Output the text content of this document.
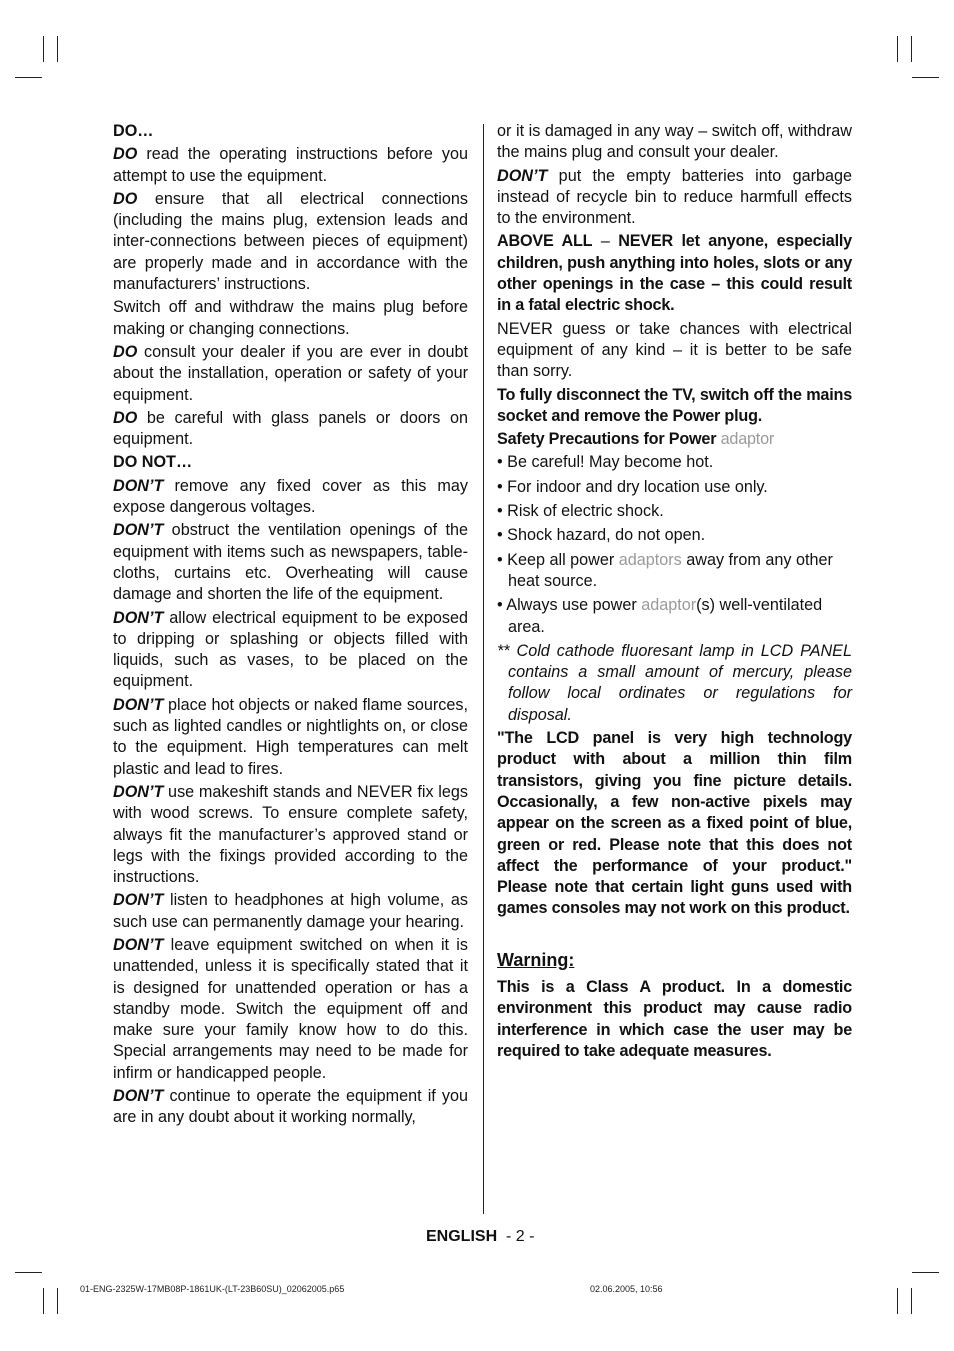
DO…

DO read the operating instructions before you attempt to use the equipment.

DO ensure that all electrical connections (including the mains plug, extension leads and inter-connections between pieces of equipment) are properly made and in accordance with the manufacturers’ instructions.

Switch off and withdraw the mains plug before making or changing connections.

DO consult your dealer if you are ever in doubt about the installation, operation or safety of your equipment.

DO be careful with glass panels or doors on equipment.

DO NOT…

DON’T remove any fixed cover as this may expose dangerous voltages.

DON’T obstruct the ventilation openings of the equipment with items such as newspapers, table-cloths, curtains etc. Overheating will cause damage and shorten the life of the equipment.

DON’T allow electrical equipment to be exposed to dripping or splashing or objects filled with liquids, such as vases, to be placed on the equipment.

DON’T place hot objects or naked flame sources, such as lighted candles or nightlights on, or close to the equipment. High temperatures can melt plastic and lead to fires.

DON’T use makeshift stands and NEVER fix legs with wood screws. To ensure complete safety, always fit the manufacturer’s approved stand or legs with the fixings provided according to the instructions.

DON’T listen to headphones at high volume, as such use can permanently damage your hearing.

DON’T leave equipment switched on when it is unattended, unless it is specifically stated that it is designed for unattended operation or has a standby mode. Switch the equipment off and make sure your family know how to do this. Special arrangements may need to be made for infirm or handicapped people.

DON’T continue to operate the equipment if you are in any doubt about it working normally,

or it is damaged in any way – switch off, withdraw the mains plug and consult your dealer.

DON’T put the empty batteries into garbage instead of recycle bin to reduce harmfull effects to the environment.

ABOVE ALL – NEVER let anyone, especially children, push anything into holes, slots or any other openings in the case – this could result in a fatal electric shock.

NEVER guess or take chances with electrical equipment of any kind – it is better to be safe than sorry.

To fully disconnect the TV, switch off the mains socket and remove the Power plug.

Safety Precautions for Power adaptor

• Be careful! May become hot.
• For indoor and dry location use only.
• Risk of electric shock.
• Shock hazard, do not open.
• Keep all power adaptors away from any other heat source.
• Always use power adaptor(s) well-ventilated area.

** Cold cathode fluoresant lamp in LCD PANEL contains a small amount of mercury, please follow local ordinates or regulations for disposal.

"The LCD panel is very high technology product with about a million thin film transistors, giving you fine picture details. Occasionally, a few non-active pixels may appear on the screen as a fixed point of blue, green or red. Please note that this does not affect the performance of your product." Please note that certain light guns used with games consoles may not work on this product.

Warning:

This is a Class A product. In a domestic environment this product may cause radio interference in which case the user may be required to take adequate measures.

ENGLISH - 2 -
01-ENG-2325W-17MB08P-1861UK-(LT-23B60SU)_02062005.p65	02.06.2005, 10:56
